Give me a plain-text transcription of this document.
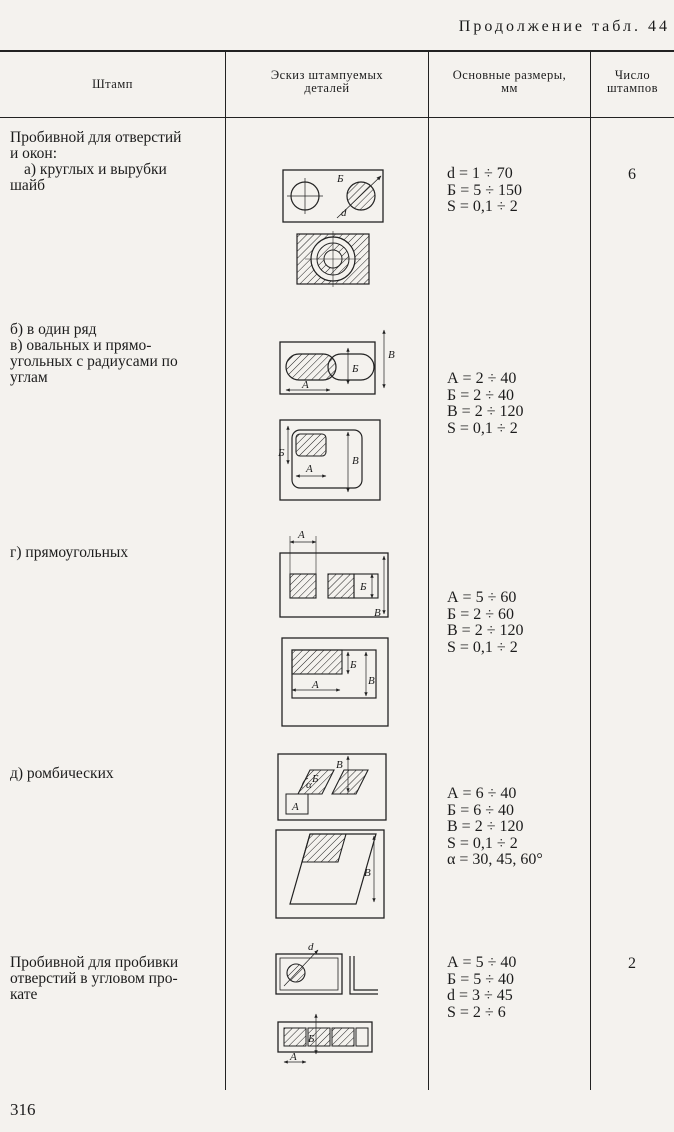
Продолжение табл. 44
Штамп
Эскиз штампуемых
деталей
Основные размеры,
мм
Число
штампов
Пробивной для отверстий
и окон:
а) круглых и вырубки
шайб
d = 1 ÷ 70
Б = 5 ÷ 150
S = 0,1 ÷ 2
6
Б
d
б) в один ряд
в) овальных и прямо-
угольных с радиусами по
углам	А = 2 ÷ 40
Б = 2 ÷ 40
В = 2 ÷ 120
S = 0,1 ÷ 2
В
Б
А
Б
А
В
г) прямоугольных
А = 5 ÷ 60
Б = 2 ÷ 60
В = 2 ÷ 120
S = 0,1 ÷ 2
А
Б
В
Б
В
А
д) ромбических
А = 6 ÷ 40
Б = 6 ÷ 40
В = 2 ÷ 120
S = 0,1 ÷ 2
α = 30, 45, 60°
α Б
В
А
В
Пробивной для пробивки
отверстий в угловом про-
кате
А = 5 ÷ 40
Б = 5 ÷ 40
d = 3 ÷ 45
S = 2 ÷ 6
2
d
Б
А
316
